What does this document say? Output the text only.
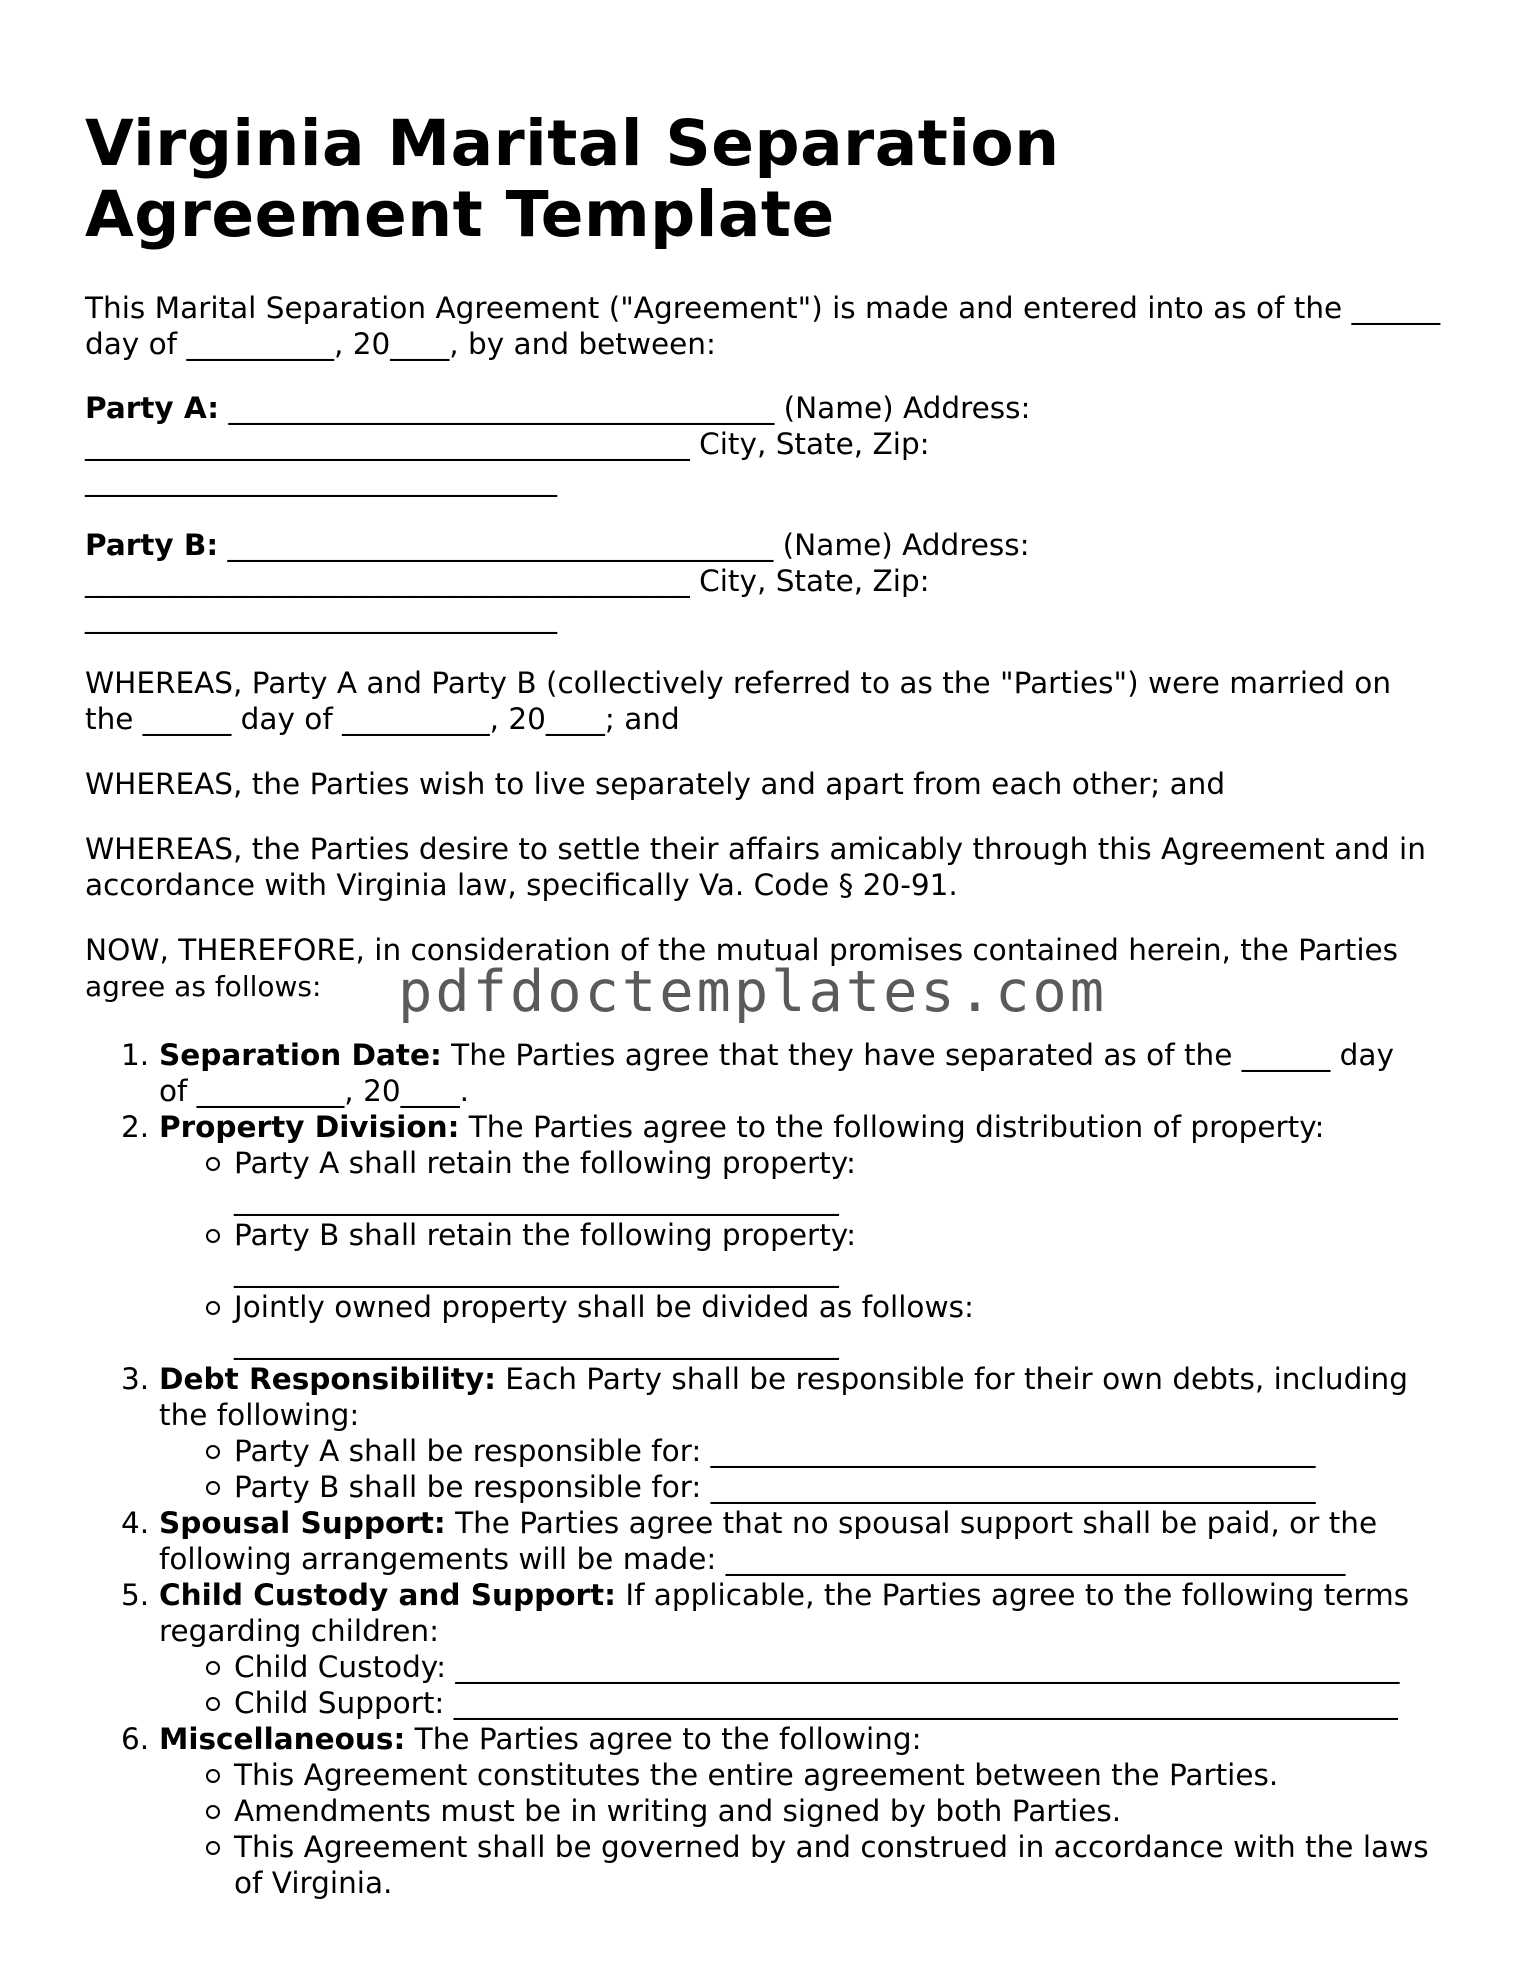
Virginia Marital Separation Agreement Template

This Marital Separation Agreement ("Agreement") is made and entered into as of the ______ day of __________, 20____, by and between:

Party A: _____________________________________ (Name) Address:
_________________________________________ City, State, Zip:
________________________________

Party B: _____________________________________ (Name) Address:
_________________________________________ City, State, Zip:
________________________________

WHEREAS, Party A and Party B (collectively referred to as the "Parties") were married on
the ______ day of __________, 20____; and

WHEREAS, the Parties wish to live separately and apart from each other; and

WHEREAS, the Parties desire to settle their affairs amicably through this Agreement and in
accordance with Virginia law, specifically Va. Code § 20-91.

NOW, THEREFORE, in consideration of the mutual promises contained herein, the Parties
agree as follows:	pdfdoctemplates.com
1. Separation Date: The Parties agree that they have separated as of the ______ day
of __________, 20____.
2. Property Division: The Parties agree to the following distribution of property:
Party A shall retain the following property:
_________________________________________
Party B shall retain the following property:
_________________________________________
Jointly owned property shall be divided as follows:
_________________________________________
3. Debt Responsibility: Each Party shall be responsible for their own debts, including
the following:
Party A shall be responsible for: _________________________________________
Party B shall be responsible for: _________________________________________
4. Spousal Support: The Parties agree that no spousal support shall be paid, or the
following arrangements will be made: __________________________________________
5. Child Custody and Support: If applicable, the Parties agree to the following terms
regarding children:
Child Custody: ________________________________________________________________
Child Support: ________________________________________________________________
6. Miscellaneous: The Parties agree to the following:
This Agreement constitutes the entire agreement between the Parties.
Amendments must be in writing and signed by both Parties.
This Agreement shall be governed by and construed in accordance with the laws
of Virginia.
